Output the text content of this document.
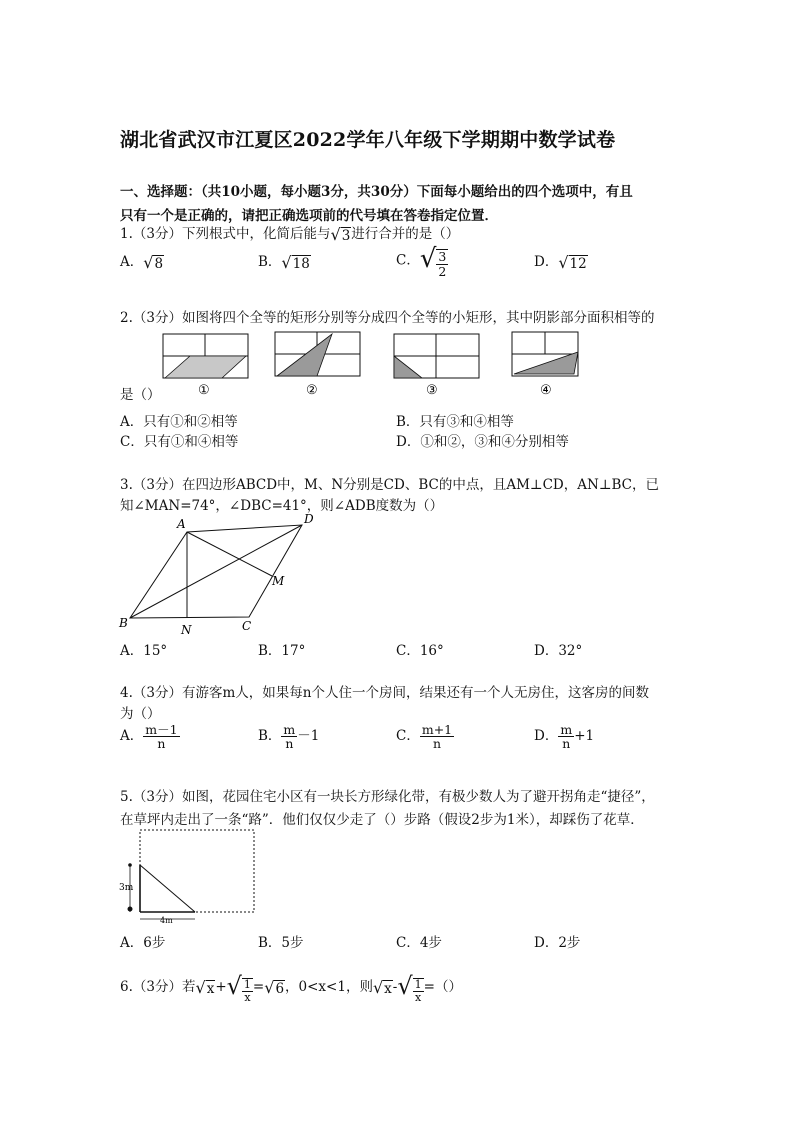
湖北省武汉市江夏区2022学年八年级下学期期中数学试卷
一、选择题：（共10小题，每小题3分，共30分）下面每小题给出的四个选项中，有且
只有一个是正确的，请把正确选项前的代号填在答卷指定位置．
1.（3分）下列根式中，化简后能与√3进行合并的是（）
A．√8	B．√18	C．√ $\frac{3}{2}$	D．√12
2.（3分）如图将四个全等的矩形分别等分成四个全等的小矩形，其中阴影部分面积相等的
①	②	③	④
是（）
A．只有①和②相等	B．只有③和④相等
C．只有①和④相等	D．①和②，③和④分别相等
3.（3分）在四边形ABCD中，M、N分别是CD、BC的中点，且AM⊥CD，AN⊥BC，已
知∠MAN=74°，∠DBC=41°，则∠ADB度数为（）
A	D
M
B	N	C
A．15°	B．17°	C．16°	D．32°
4.（3分）有游客m人，如果每n个人住一个房间，结果还有一个人无房住，这客房的间数
为（）
A． $\frac{m-1}{n}$	B． $\frac{m}{n} -1$	C． $\frac{m+1}{n}$	D． $\frac{m}{n} +1$
5.（3分）如图，花园住宅小区有一块长方形绿化带，有极少数人为了避开拐角走“捷径”，
在草坪内走出了一条“路”．他们仅仅少走了（）步路（假设2步为1米），却踩伤了花草．
3m
4m
A．6步	B．5步	C．4步	D．2步
6.（3分）若$√x+√ \frac{1}{x} =√6$，0<x<1，则$√x-√ \frac{1}{x}$ =（）
